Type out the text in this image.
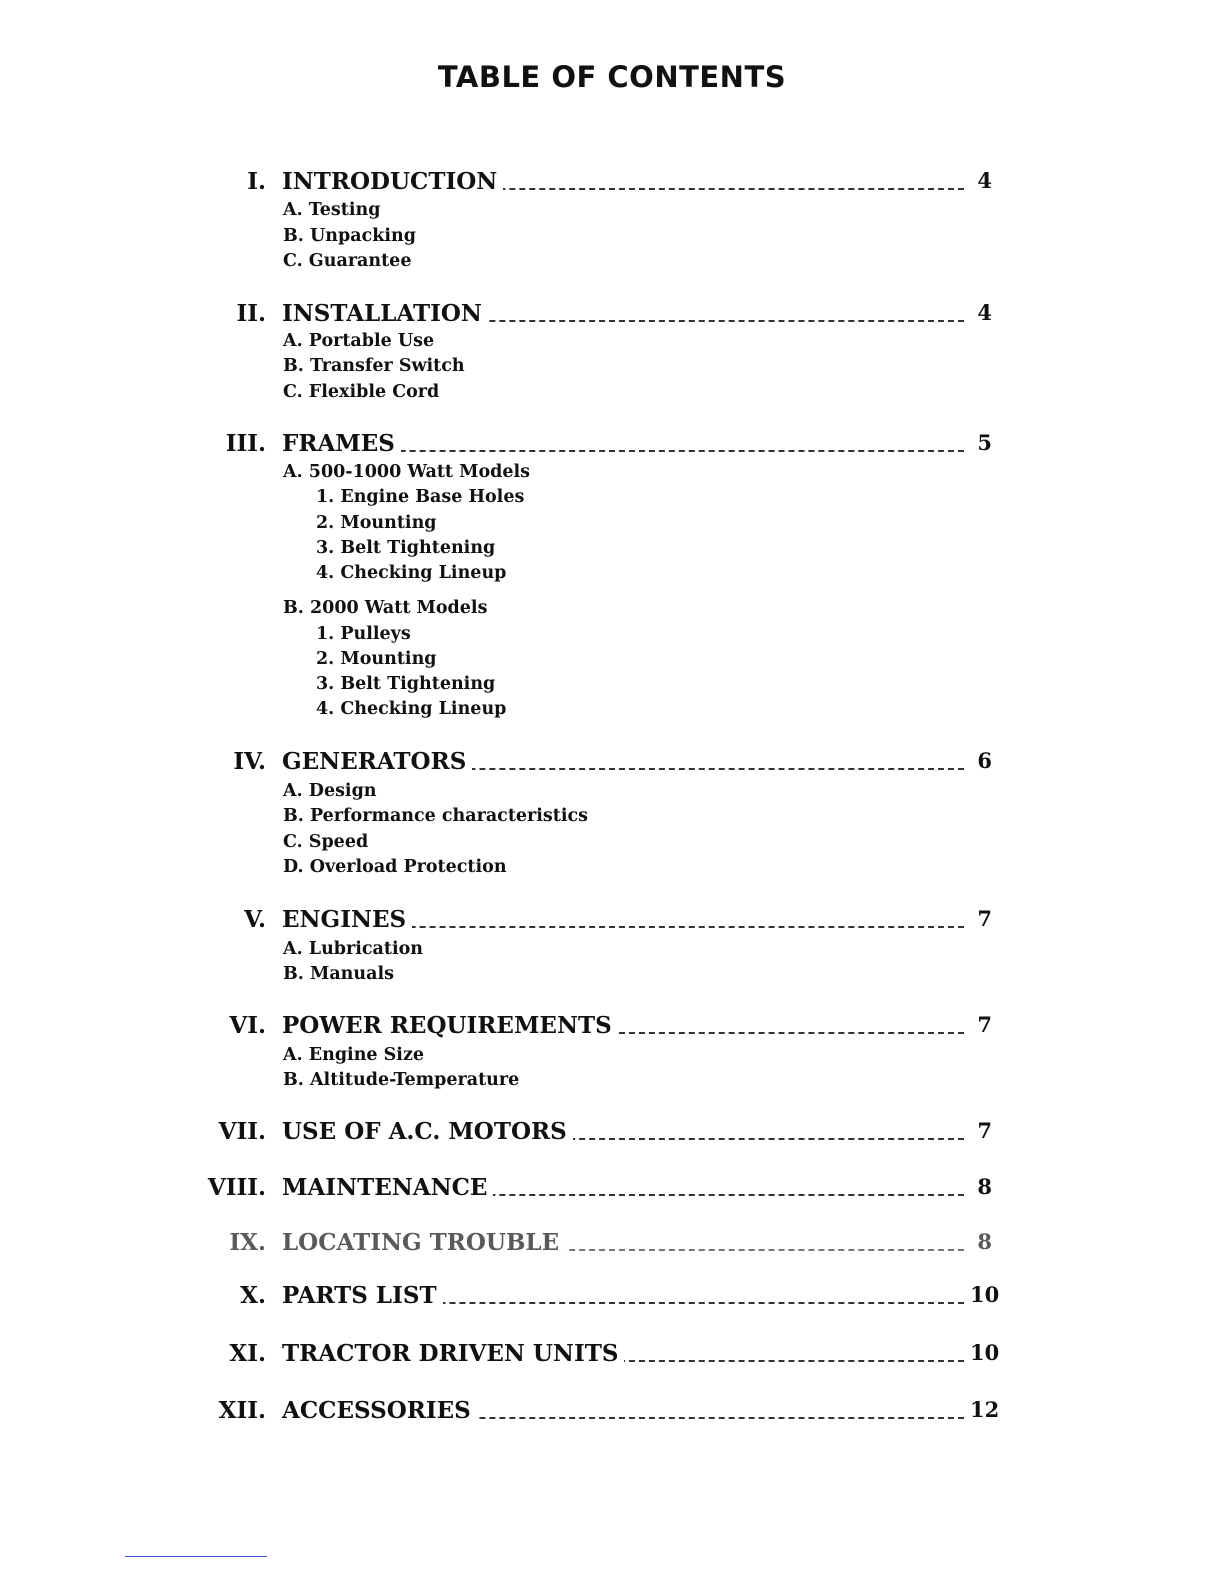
TABLE OF CONTENTS
I. INTRODUCTION	4
A. Testing
B. Unpacking
C. Guarantee
II. INSTALLATION	4
A. Portable Use
B. Transfer Switch
C. Flexible Cord
III. FRAMES	5
A. 500-1000 Watt Models
1. Engine Base Holes
2. Mounting
3. Belt Tightening
4. Checking Lineup
B. 2000 Watt Models
1. Pulleys
2. Mounting
3. Belt Tightening
4. Checking Lineup
IV. GENERATORS	6
A. Design
B. Performance characteristics
C. Speed
D. Overload Protection
V. ENGINES	7
A. Lubrication
B. Manuals
VI. POWER REQUIREMENTS	7
A. Engine Size
B. Altitude-Temperature
VII. USE OF A.C. MOTORS	7
VIII. MAINTENANCE	8
IX. LOCATING TROUBLE	8
X. PARTS LIST	10
XI. TRACTOR DRIVEN UNITS	10
XII. ACCESSORIES	12
